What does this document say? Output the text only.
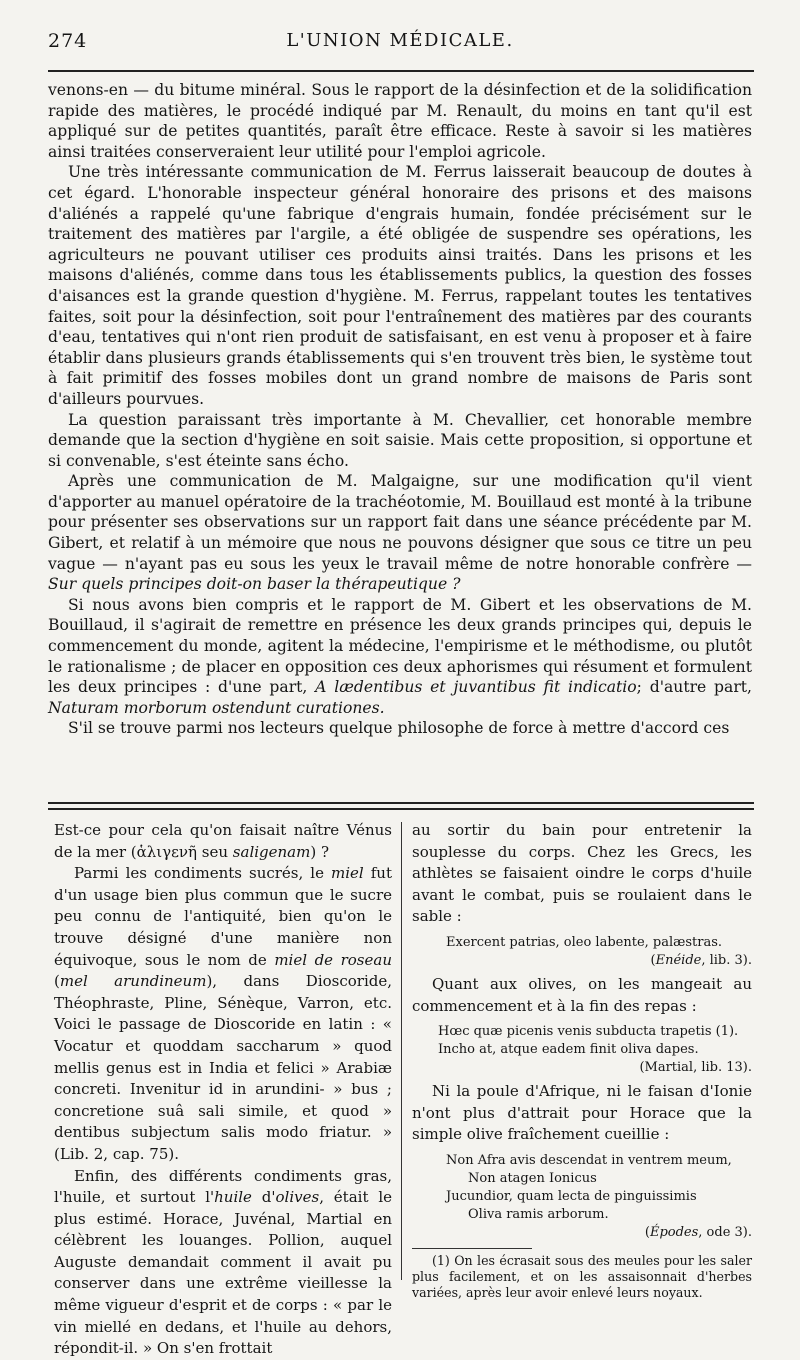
274	L'UNION MÉDICALE.

venons-en — du bitume minéral. Sous le rapport de la désinfection et de la solidification rapide des matières, le procédé indiqué par M. Renault, du moins en tant qu'il est appliqué sur de petites quantités, paraît être efficace. Reste à savoir si les matières ainsi traitées conserveraient leur utilité pour l'emploi agricole.

Une très intéressante communication de M. Ferrus laisserait beaucoup de doutes à cet égard. L'honorable inspecteur général honoraire des prisons et des maisons d'aliénés a rappelé qu'une fabrique d'engrais humain, fondée précisément sur le traitement des matières par l'argile, a été obligée de suspendre ses opérations, les agriculteurs ne pouvant utiliser ces produits ainsi traités. Dans les prisons et les maisons d'aliénés, comme dans tous les établissements publics, la question des fosses d'aisances est la grande question d'hygiène. M. Ferrus, rappelant toutes les tentatives faites, soit pour la désinfection, soit pour l'entraînement des matières par des courants d'eau, tentatives qui n'ont rien produit de satisfaisant, en est venu à proposer et à faire établir dans plusieurs grands établissements qui s'en trouvent très bien, le système tout à fait primitif des fosses mobiles dont un grand nombre de maisons de Paris sont d'ailleurs pourvues.

La question paraissant très importante à M. Chevallier, cet honorable membre demande que la section d'hygiène en soit saisie. Mais cette proposition, si opportune et si convenable, s'est éteinte sans écho.

Après une communication de M. Malgaigne, sur une modification qu'il vient d'apporter au manuel opératoire de la trachéotomie, M. Bouillaud est monté à la tribune pour présenter ses observations sur un rapport fait dans une séance précédente par M. Gibert, et relatif à un mémoire que nous ne pouvons désigner que sous ce titre un peu vague — n'ayant pas eu sous les yeux le travail même de notre honorable confrère — Sur quels principes doit-on baser la thérapeutique ?

Si nous avons bien compris et le rapport de M. Gibert et les observations de M. Bouillaud, il s'agirait de remettre en présence les deux grands principes qui, depuis le commencement du monde, agitent la médecine, l'empirisme et le méthodisme, ou plutôt le rationalisme ; de placer en opposition ces deux aphorismes qui résument et formulent les deux principes : d'une part, A lædentibus et juvantibus fit indicatio; d'autre part, Naturam morborum ostendunt curationes.

S'il se trouve parmi nos lecteurs quelque philosophe de force à mettre d'accord ces

Est-ce pour cela qu'on faisait naître Vénus de la mer (ἁλιγενῆ seu saligenam) ?

Parmi les condiments sucrés, le miel fut d'un usage bien plus commun que le sucre peu connu de l'antiquité, bien qu'on le trouve désigné d'une manière non équivoque, sous le nom de miel de roseau (mel arundineum), dans Dioscoride, Théophraste, Pline, Sénèque, Varron, etc. Voici le passage de Dioscoride en latin : « Vocatur et quoddam saccharum » quod mellis genus est in India et felici » Arabiæ concreti. Invenitur id in arundini- » bus ; concretione suâ sali simile, et quod » dentibus subjectum salis modo friatur. » (Lib. 2, cap. 75).

Enfin, des différents condiments gras, l'huile, et surtout l'huile d'olives, était le plus estimé. Horace, Juvénal, Martial en célèbrent les louanges. Pollion, auquel Auguste demandait comment il avait pu conserver dans une extrême vieillesse la même vigueur d'esprit et de corps : « par le vin miellé en dedans, et l'huile au dehors, répondit-il. » On s'en frottait

au sortir du bain pour entretenir la souplesse du corps. Chez les Grecs, les athlètes se faisaient oindre le corps d'huile avant le combat, puis se roulaient dans le sable :

Exercent patrias, oleo labente, palæstras.
(Enéide, lib. 3).

Quant aux olives, on les mangeait au commencement et à la fin des repas :

Hœc quæ picenis venis subducta trapetis (1).
Incho at, atque eadem finit oliva dapes.
(Martial, lib. 13).

Ni la poule d'Afrique, ni le faisan d'Ionie n'ont plus d'attrait pour Horace que la simple olive fraîchement cueillie :

Non Afra avis descendat in ventrem meum,
Non atagen Ionicus
Jucundior, quam lecta de pinguissimis
Oliva ramis arborum.
(Épodes, ode 3).

(1) On les écrasait sous des meules pour les saler plus facilement, et on les assaisonnait d'herbes variées, après leur avoir enlevé leurs noyaux.
